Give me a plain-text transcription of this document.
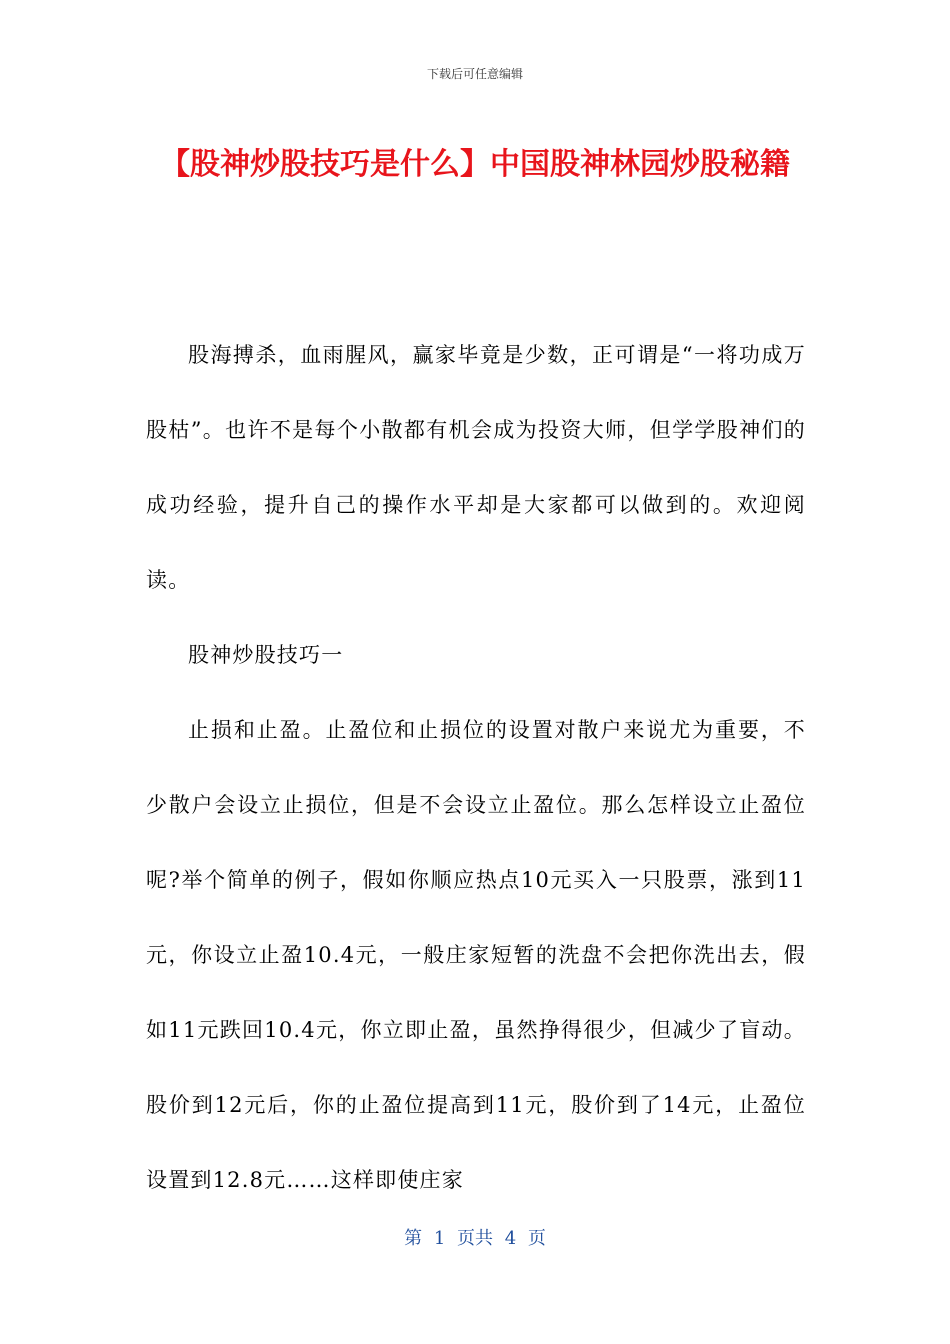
下载后可任意编辑
【股神炒股技巧是什么】中国股神林园炒股秘籍

股海搏杀，血雨腥风，赢家毕竟是少数，正可谓是“一将功成万股枯”。也许不是每个小散都有机会成为投资大师，但学学股神们的成功经验，提升自己的操作水平却是大家都可以做到的。欢迎阅读。

股神炒股技巧一

止损和止盈。止盈位和止损位的设置对散户来说尤为重要，不少散户会设立止损位，但是不会设立止盈位。那么怎样设立止盈位呢?举个简单的例子，假如你顺应热点10元买入一只股票，涨到11元，你设立止盈10.4元，一般庄家短暂的洗盘不会把你洗出去，假如11元跌回10.4元，你立即止盈，虽然挣得很少，但减少了盲动。股价到12元后，你的止盈位提高到11元，股价到了14元，止盈位设置到12.8元……这样即使庄家

第 1 页共 4 页
